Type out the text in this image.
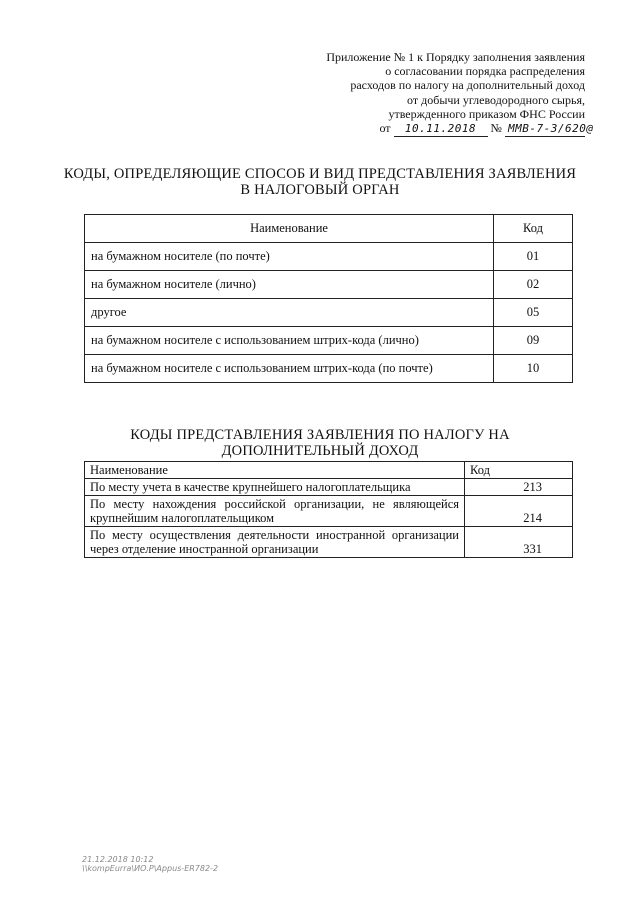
Приложение № 1 к Порядку заполнения заявления
о согласовании порядка распределения
расходов по налогу на дополнительный доход
от добычи углеводородного сырья,
утвержденного приказом ФНС России
от 10.11.2018 № ММВ-7-3/620@
КОДЫ, ОПРЕДЕЛЯЮЩИЕ СПОСОБ И ВИД ПРЕДСТАВЛЕНИЯ ЗАЯВЛЕНИЯ
В НАЛОГОВЫЙ ОРГАН
Наименование	Код
на бумажном носителе (по почте)	01
на бумажном носителе (лично)	02
другое	05
на бумажном носителе с использованием штрих-кода (лично)	09
на бумажном носителе с использованием штрих-кода (по почте)	10
КОДЫ ПРЕДСТАВЛЕНИЯ ЗАЯВЛЕНИЯ ПО НАЛОГУ НА
ДОПОЛНИТЕЛЬНЫЙ ДОХОД
Наименование	Код
По месту учета в качестве крупнейшего налогоплательщика	213
По месту нахождения российской организации, не являющейся крупнейшим налогоплательщиком	214
По месту осуществления деятельности иностранной организации через отделение иностранной организации	331
21.12.2018 10:12
\\kompEurra\ИО.Р\Appus-ER782-2
